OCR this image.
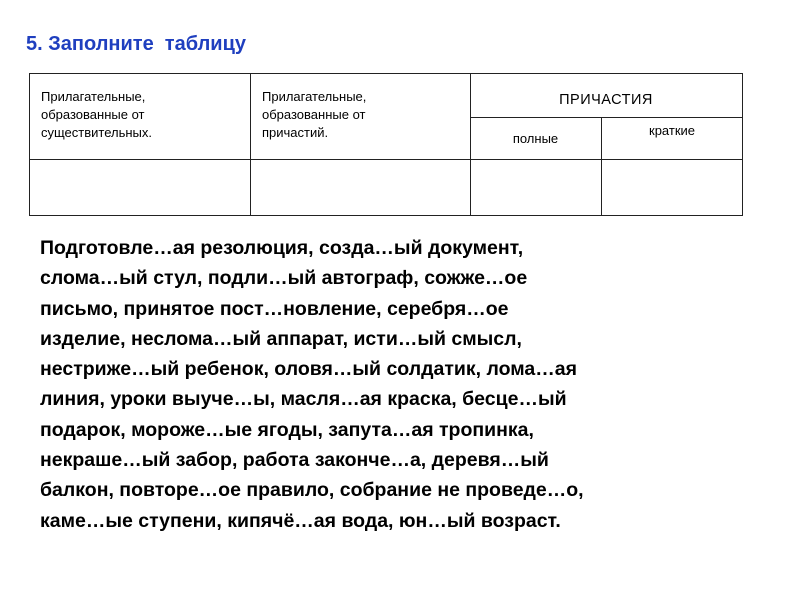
5. Заполните  таблицу
Прилагательные,
образованные от
существительных.
Прилагательные,
образованные от
причастий.
ПРИЧАСТИЯ
полные
краткие
Подготовле…ая резолюция, созда…ый документ,
слома…ый стул, подли…ый автограф, сожже…ое
письмо, принятое пост…новление, серебря…ое
изделие, неслома…ый аппарат, исти…ый смысл,
нестриже…ый ребенок, оловя…ый солдатик, лома…ая
линия, уроки выуче…ы, масля…ая краска, бесце…ый
подарок, мороже…ые ягоды, запута…ая тропинка,
некраше…ый забор, работа законче…а, деревя…ый
балкон, повторе…ое правило, собрание не проведе…о,
каме…ые ступени, кипячё…ая вода, юн…ый возраст.
